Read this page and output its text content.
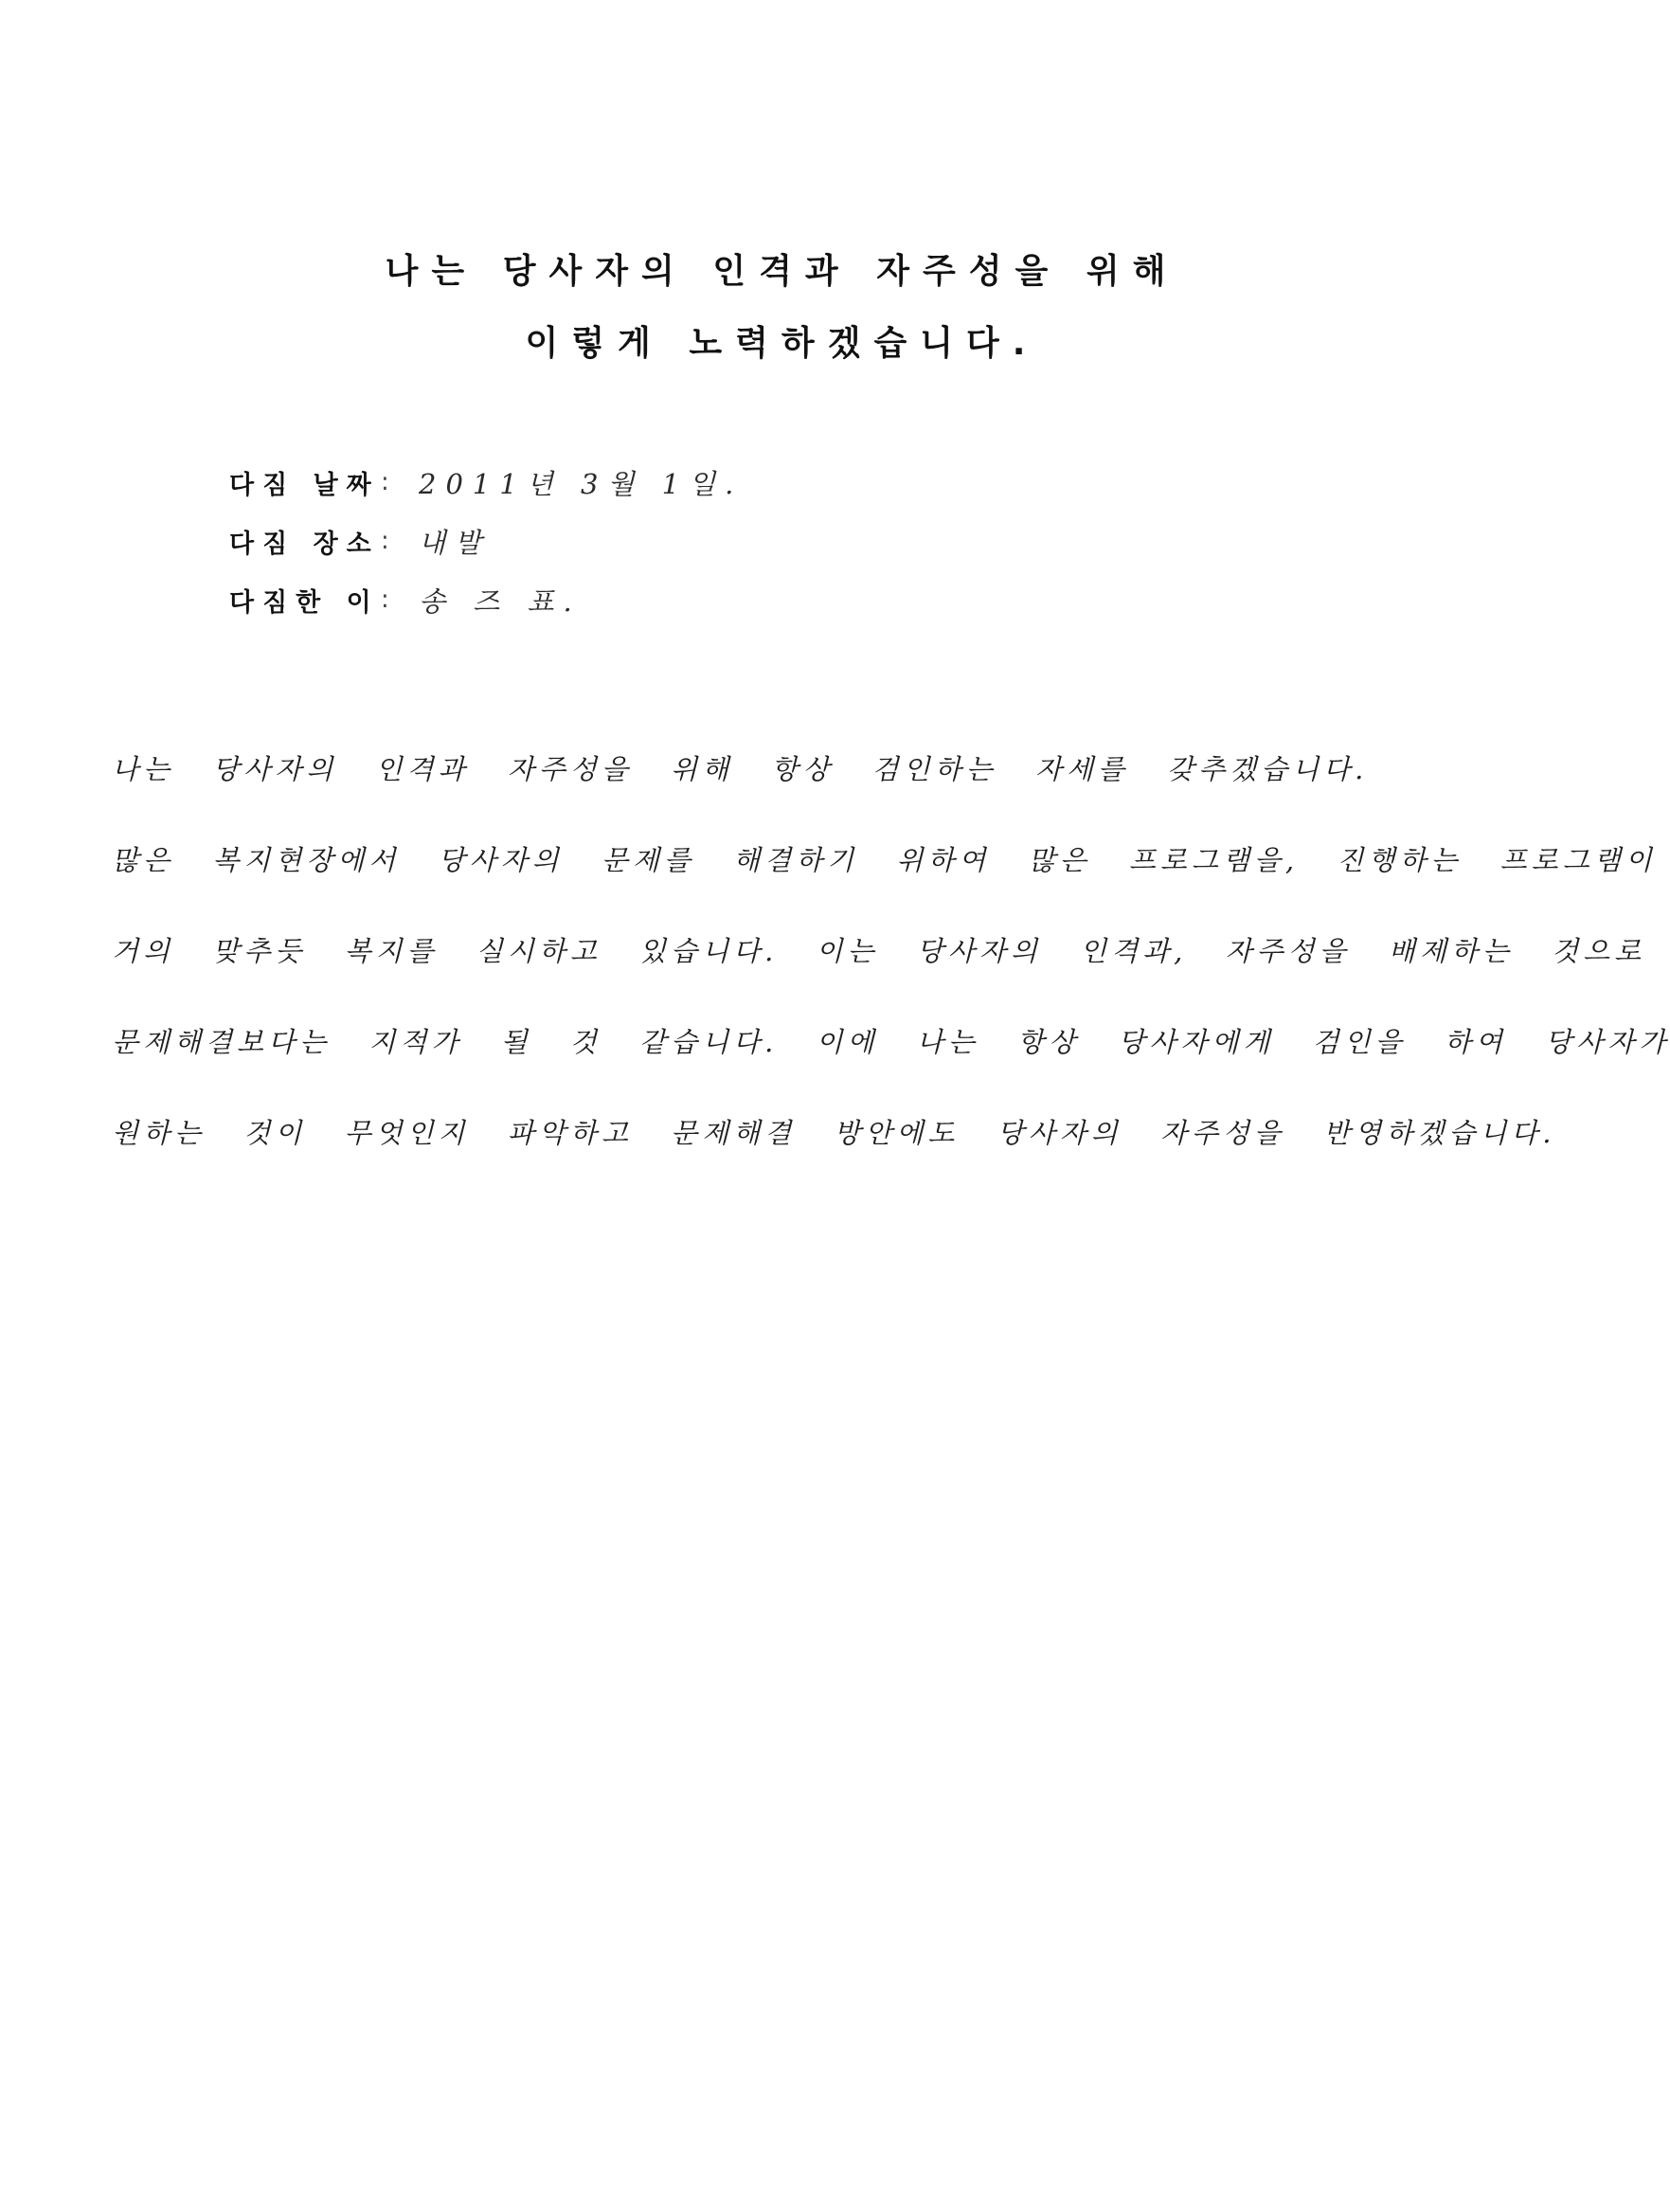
나는 당사자의 인격과 자주성을 위해
이렇게 노력하겠습니다.
다짐 날짜 :	2011년 3월 1일.
다짐 장소 :	내발
다짐한 이 :	송 즈 표.
나는 당사자의 인격과 자주성을 위해 항상 검인하는 자세를 갖추겠습니다.
많은 복지현장에서 당사자의 문제를 해결하기 위하여 많은 프로그램을, 진행하는 프로그램이
거의 맞추듯 복지를 실시하고 있습니다. 이는 당사자의 인격과, 자주성을 배제하는 것으로
문제해결보다는 지적가 될 것 같습니다. 이에 나는 항상 당사자에게 검인을 하여 당사자가
원하는 것이 무엇인지 파악하고 문제해결 방안에도 당사자의 자주성을 반영하겠습니다.
